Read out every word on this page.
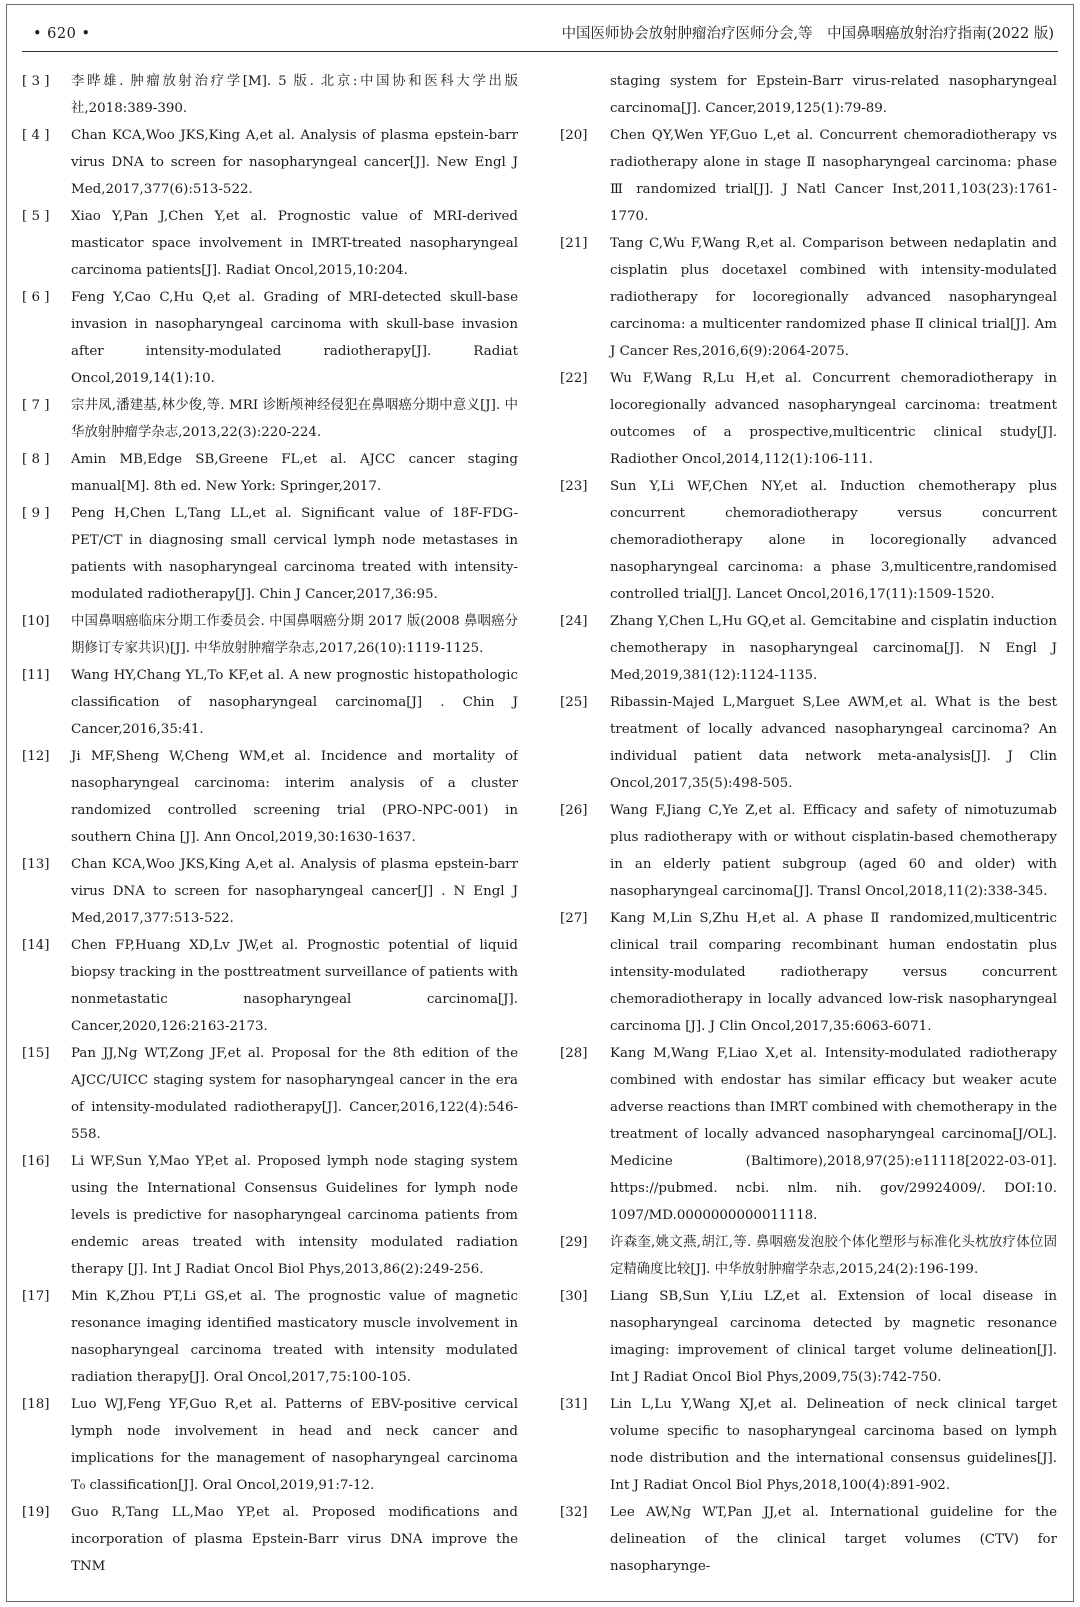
• 620 •	中国医师协会放射肿瘤治疗医师分会,等　中国鼻咽癌放射治疗指南(2022 版)
[ 3 ]	李晔雄. 肿瘤放射治疗学[M]. 5 版. 北京:中国协和医科大学出版社,2018:389-390.
[ 4 ]	Chan KCA,Woo JKS,King A,et al. Analysis of plasma epstein-barr virus DNA to screen for nasopharyngeal cancer[J]. New Engl J Med,2017,377(6):513-522.
[ 5 ]	Xiao Y,Pan J,Chen Y,et al. Prognostic value of MRI-derived masticator space involvement in IMRT-treated nasopharyngeal carcinoma patients[J]. Radiat Oncol,2015,10:204.
[ 6 ]	Feng Y,Cao C,Hu Q,et al. Grading of MRI-detected skull-base invasion in nasopharyngeal carcinoma with skull-base invasion after intensity-modulated radiotherapy[J]. Radiat Oncol,2019,14(1):10.
[ 7 ]	宗井凤,潘建基,林少俊,等. MRI 诊断颅神经侵犯在鼻咽癌分期中意义[J]. 中华放射肿瘤学杂志,2013,22(3):220-224.
[ 8 ]	Amin MB,Edge SB,Greene FL,et al. AJCC cancer staging manual[M]. 8th ed. New York: Springer,2017.
[ 9 ]	Peng H,Chen L,Tang LL,et al. Significant value of 18F-FDG-PET/CT in diagnosing small cervical lymph node metastases in patients with nasopharyngeal carcinoma treated with intensity-modulated radiotherapy[J]. Chin J Cancer,2017,36:95.
[10]	中国鼻咽癌临床分期工作委员会. 中国鼻咽癌分期 2017 版(2008 鼻咽癌分期修订专家共识)[J]. 中华放射肿瘤学杂志,2017,26(10):1119-1125.
[11]	Wang HY,Chang YL,To KF,et al. A new prognostic histopathologic classification of nasopharyngeal carcinoma[J] . Chin J Cancer,2016,35:41.
[12]	Ji MF,Sheng W,Cheng WM,et al. Incidence and mortality of nasopharyngeal carcinoma: interim analysis of a cluster randomized controlled screening trial (PRO-NPC-001) in southern China [J]. Ann Oncol,2019,30:1630-1637.
[13]	Chan KCA,Woo JKS,King A,et al. Analysis of plasma epstein-barr virus DNA to screen for nasopharyngeal cancer[J] . N Engl J Med,2017,377:513-522.
[14]	Chen FP,Huang XD,Lv JW,et al. Prognostic potential of liquid biopsy tracking in the posttreatment surveillance of patients with nonmetastatic nasopharyngeal carcinoma[J]. Cancer,2020,126:2163-2173.
[15]	Pan JJ,Ng WT,Zong JF,et al. Proposal for the 8th edition of the AJCC/UICC staging system for nasopharyngeal cancer in the era of intensity-modulated radiotherapy[J]. Cancer,2016,122(4):546-558.
[16]	Li WF,Sun Y,Mao YP,et al. Proposed lymph node staging system using the International Consensus Guidelines for lymph node levels is predictive for nasopharyngeal carcinoma patients from endemic areas treated with intensity modulated radiation therapy [J]. Int J Radiat Oncol Biol Phys,2013,86(2):249-256.
[17]	Min K,Zhou PT,Li GS,et al. The prognostic value of magnetic resonance imaging identified masticatory muscle involvement in nasopharyngeal carcinoma treated with intensity modulated radiation therapy[J]. Oral Oncol,2017,75:100-105.
[18]	Luo WJ,Feng YF,Guo R,et al. Patterns of EBV-positive cervical lymph node involvement in head and neck cancer and implications for the management of nasopharyngeal carcinoma T₀ classification[J]. Oral Oncol,2019,91:7-12.
[19]	Guo R,Tang LL,Mao YP,et al. Proposed modifications and incorporation of plasma Epstein-Barr virus DNA improve the TNM
staging system for Epstein-Barr virus-related nasopharyngeal carcinoma[J]. Cancer,2019,125(1):79-89.
[20]	Chen QY,Wen YF,Guo L,et al. Concurrent chemoradiotherapy vs radiotherapy alone in stage Ⅱ nasopharyngeal carcinoma: phase Ⅲ randomized trial[J]. J Natl Cancer Inst,2011,103(23):1761-1770.
[21]	Tang C,Wu F,Wang R,et al. Comparison between nedaplatin and cisplatin plus docetaxel combined with intensity-modulated radiotherapy for locoregionally advanced nasopharyngeal carcinoma: a multicenter randomized phase Ⅱ clinical trial[J]. Am J Cancer Res,2016,6(9):2064-2075.
[22]	Wu F,Wang R,Lu H,et al. Concurrent chemoradiotherapy in locoregionally advanced nasopharyngeal carcinoma: treatment outcomes of a prospective,multicentric clinical study[J]. Radiother Oncol,2014,112(1):106-111.
[23]	Sun Y,Li WF,Chen NY,et al. Induction chemotherapy plus concurrent chemoradiotherapy versus concurrent chemoradiotherapy alone in locoregionally advanced nasopharyngeal carcinoma: a phase 3,multicentre,randomised controlled trial[J]. Lancet Oncol,2016,17(11):1509-1520.
[24]	Zhang Y,Chen L,Hu GQ,et al. Gemcitabine and cisplatin induction chemotherapy in nasopharyngeal carcinoma[J]. N Engl J Med,2019,381(12):1124-1135.
[25]	Ribassin-Majed L,Marguet S,Lee AWM,et al. What is the best treatment of locally advanced nasopharyngeal carcinoma? An individual patient data network meta-analysis[J]. J Clin Oncol,2017,35(5):498-505.
[26]	Wang F,Jiang C,Ye Z,et al. Efficacy and safety of nimotuzumab plus radiotherapy with or without cisplatin-based chemotherapy in an elderly patient subgroup (aged 60 and older) with nasopharyngeal carcinoma[J]. Transl Oncol,2018,11(2):338-345.
[27]	Kang M,Lin S,Zhu H,et al. A phase Ⅱ randomized,multicentric clinical trail comparing recombinant human endostatin plus intensity-modulated radiotherapy versus concurrent chemoradiotherapy in locally advanced low-risk nasopharyngeal carcinoma [J]. J Clin Oncol,2017,35:6063-6071.
[28]	Kang M,Wang F,Liao X,et al. Intensity-modulated radiotherapy combined with endostar has similar efficacy but weaker acute adverse reactions than IMRT combined with chemotherapy in the treatment of locally advanced nasopharyngeal carcinoma[J/OL]. Medicine (Baltimore),2018,97(25):e11118[2022-03-01]. https://pubmed. ncbi. nlm. nih. gov/29924009/. DOI:10. 1097/MD.0000000000011118.
[29]	许森奎,姚文燕,胡江,等. 鼻咽癌发泡胶个体化塑形与标准化头枕放疗体位固定精确度比较[J]. 中华放射肿瘤学杂志,2015,24(2):196-199.
[30]	Liang SB,Sun Y,Liu LZ,et al. Extension of local disease in nasopharyngeal carcinoma detected by magnetic resonance imaging: improvement of clinical target volume delineation[J]. Int J Radiat Oncol Biol Phys,2009,75(3):742-750.
[31]	Lin L,Lu Y,Wang XJ,et al. Delineation of neck clinical target volume specific to nasopharyngeal carcinoma based on lymph node distribution and the international consensus guidelines[J]. Int J Radiat Oncol Biol Phys,2018,100(4):891-902.
[32]	Lee AW,Ng WT,Pan JJ,et al. International guideline for the delineation of the clinical target volumes (CTV) for nasopharynge-
